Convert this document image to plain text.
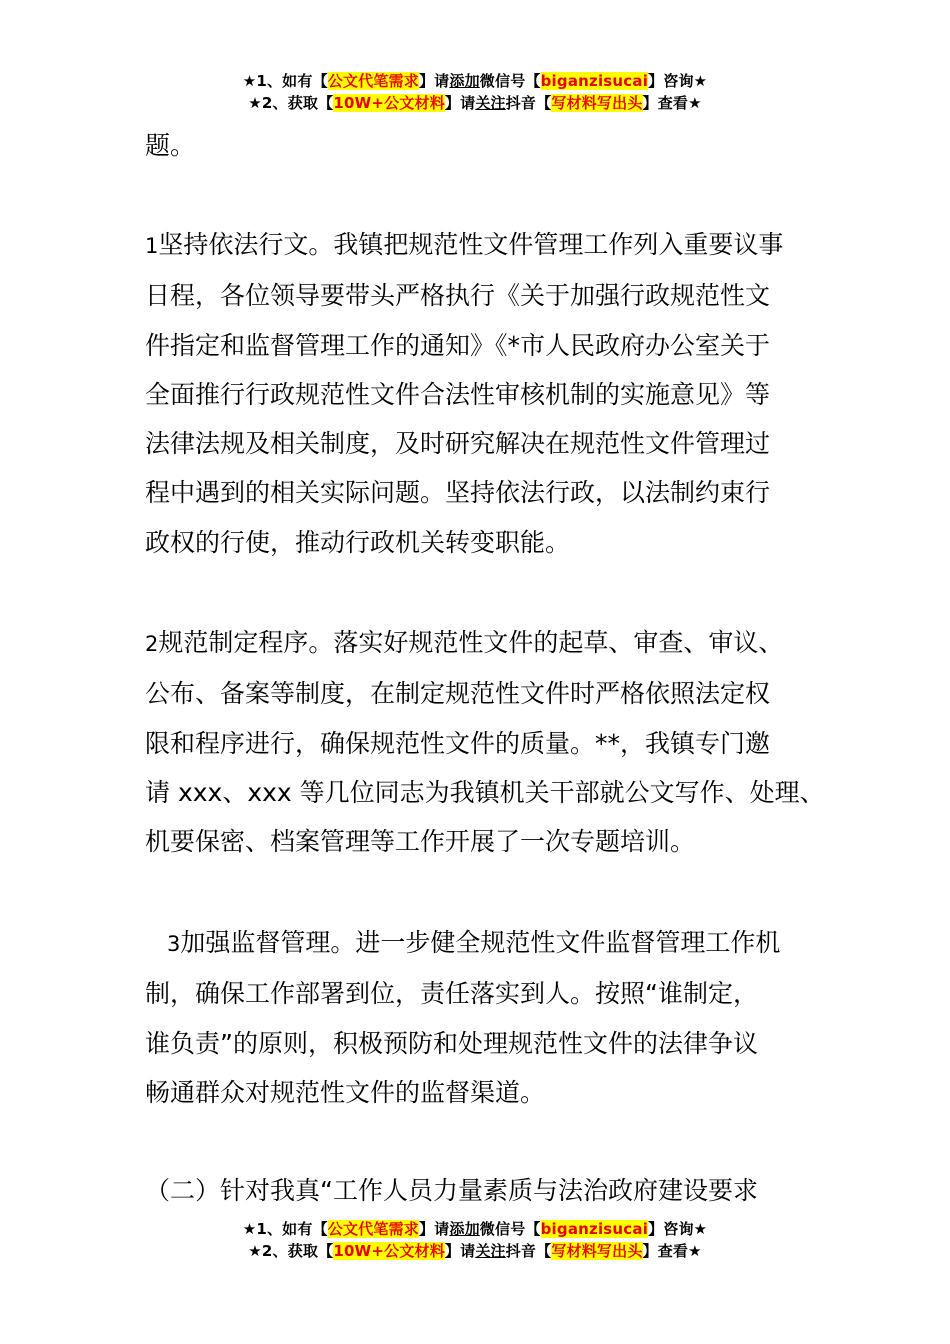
★1、如有【公文代笔需求】请添加微信号【biganzisucai】咨询★
★2、获取【10W+公文材料】请关注抖音【写材料写出头】查看★
题。
1坚持依法行文。我镇把规范性文件管理工作列入重要议事
日程，各位领导要带头严格执行《关于加强行政规范性文
件指定和监督管理工作的通知》《*市人民政府办公室关于
全面推行行政规范性文件合法性审核机制的实施意见》等
法律法规及相关制度，及时研究解决在规范性文件管理过
程中遇到的相关实际问题。坚持依法行政，以法制约束行
政权的行使，推动行政机关转变职能。
2规范制定程序。落实好规范性文件的起草、审查、审议、
公布、备案等制度，在制定规范性文件时严格依照法定权
限和程序进行，确保规范性文件的质量。**，我镇专门邀
请 xxx、xxx 等几位同志为我镇机关干部就公文写作、处理、
机要保密、档案管理等工作开展了一次专题培训。
3加强监督管理。进一步健全规范性文件监督管理工作机
制，确保工作部署到位，责任落实到人。按照“谁制定，
谁负责”的原则，积极预防和处理规范性文件的法律争议
畅通群众对规范性文件的监督渠道。
（二）针对我真“工作人员力量素质与法治政府建设要求
★1、如有【公文代笔需求】请添加微信号【biganzisucai】咨询★
★2、获取【10W+公文材料】请关注抖音【写材料写出头】查看★
